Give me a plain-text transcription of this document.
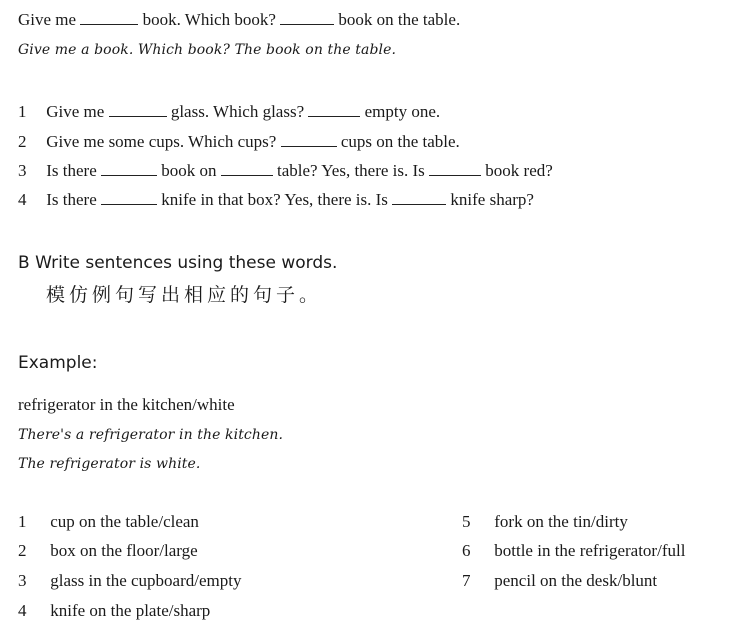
Give me	book. Which book?	book on the table.
Give me a book. Which book? The book on the table.
1 Give me	glass. Which glass?	empty one.
2 Give me some cups. Which cups?	cups on the table.
3 Is there	book on	table? Yes, there is. Is	book red?
4 Is there	knife in that box? Yes, there is. Is	knife sharp?
B Write sentences using these words.
模仿例句写出相应的句子。
Example:
refrigerator in the kitchen/white
There's a refrigerator in the kitchen.
The refrigerator is white.
1 cup on the table/clean
2 box on the floor/large
3 glass in the cupboard/empty
4 knife on the plate/sharp
5 fork on the tin/dirty
6 bottle in the refrigerator/full
7 pencil on the desk/blunt
